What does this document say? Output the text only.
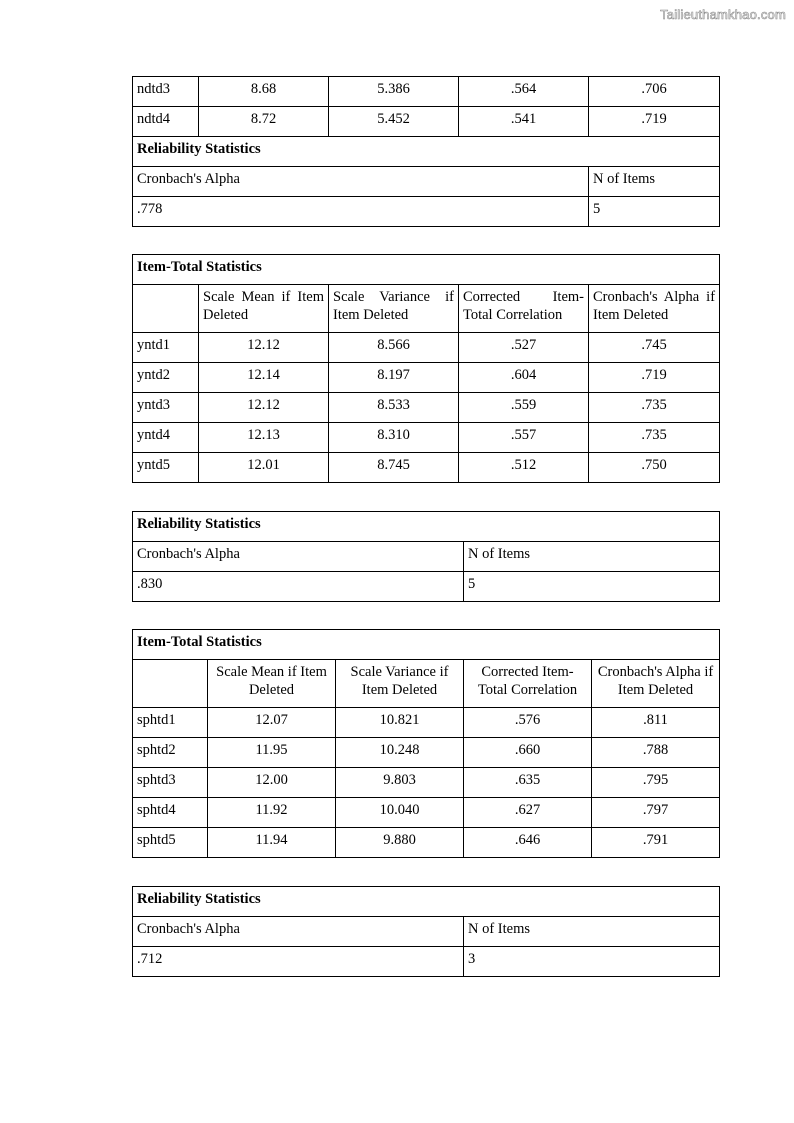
Tailieuthamkhao.com
ndtd3	8.68	5.386	.564	.706
ndtd4	8.72	5.452	.541	.719
Reliability Statistics				
Cronbach's Alpha				N of Items
.778				5
Item-Total Statistics				
	Scale Mean if Item Deleted	Scale Variance if Item Deleted	Corrected Item-Total Correlation	Cronbach's Alpha if Item Deleted
yntd1	12.12	8.566	.527	.745
yntd2	12.14	8.197	.604	.719
yntd3	12.12	8.533	.559	.735
yntd4	12.13	8.310	.557	.735
yntd5	12.01	8.745	.512	.750
Reliability Statistics	
Cronbach's Alpha	N of Items
.830	5
Item-Total Statistics				
	Scale Mean if Item Deleted	Scale Variance if Item Deleted	Corrected Item-Total Correlation	Cronbach's Alpha if Item Deleted
sphtd1	12.07	10.821	.576	.811
sphtd2	11.95	10.248	.660	.788
sphtd3	12.00	9.803	.635	.795
sphtd4	11.92	10.040	.627	.797
sphtd5	11.94	9.880	.646	.791
Reliability Statistics	
Cronbach's Alpha	N of Items
.712	3
